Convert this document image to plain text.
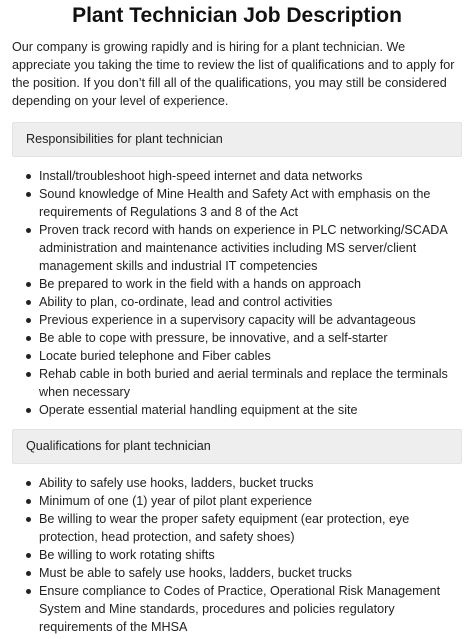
Plant Technician Job Description

Our company is growing rapidly and is hiring for a plant technician. We appreciate you taking the time to review the list of qualifications and to apply for the position. If you don’t fill all of the qualifications, you may still be considered depending on your level of experience.

Responsibilities for plant technician
Install/troubleshoot high-speed internet and data networks
Sound knowledge of Mine Health and Safety Act with emphasis on the requirements of Regulations 3 and 8 of the Act
Proven track record with hands on experience in PLC networking/SCADA administration and maintenance activities including MS server/client management skills and industrial IT competencies
Be prepared to work in the field with a hands on approach
Ability to plan, co-ordinate, lead and control activities
Previous experience in a supervisory capacity will be advantageous
Be able to cope with pressure, be innovative, and a self-starter
Locate buried telephone and Fiber cables
Rehab cable in both buried and aerial terminals and replace the terminals when necessary
Operate essential material handling equipment at the site
Qualifications for plant technician
Ability to safely use hooks, ladders, bucket trucks
Minimum of one (1) year of pilot plant experience
Be willing to wear the proper safety equipment (ear protection, eye protection, head protection, and safety shoes)
Be willing to work rotating shifts
Must be able to safely use hooks, ladders, bucket trucks
Ensure compliance to Codes of Practice, Operational Risk Management System and Mine standards, procedures and policies regulatory requirements of the MHSA
